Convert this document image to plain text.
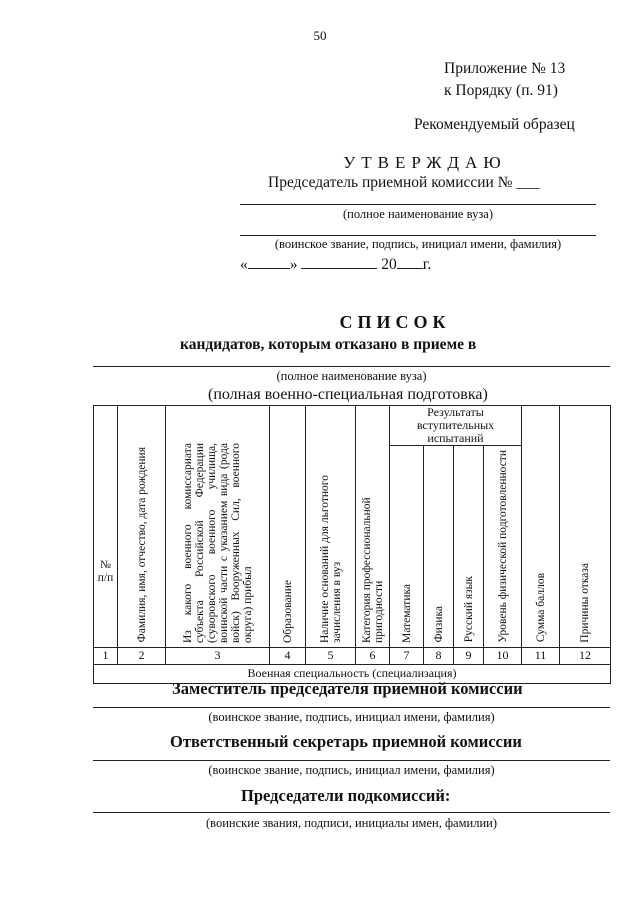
50
Приложение № 13
к Порядку (п. 91)
Рекомендуемый образец
УТВЕРЖДАЮ
Председатель приемной комиссии № ___
(полное наименование вуза)
(воинское звание, подпись, инициал имени, фамилия)
«	»	20 г.
СПИСОК
кандидатов, которым отказано в приеме в
(полное наименование вуза)
(полная военно-специальная подготовка)
№ п/п	Фамилия, имя, отчество, дата рождения	Из какого военного комиссариата субъекта Российской Федерации (суворовского военного училища, воинской части с указанием вида (рода войск) Вооруженных Сил, военного округа) прибыл	Образование	Наличие оснований для льготного зачисления в вуз	Категория профессиональной пригодности	Результаты вступительных испытаний				Сумма баллов	Причины отказа

						Математика	Физика	Русский язык	Уровень физической подготовленности		

1	2	3	4	5	6	7	8	9	10	11	12
Военная специальность (специализация)											
Заместитель председателя приемной комиссии
(воинское звание, подпись, инициал имени, фамилия)
Ответственный секретарь приемной комиссии
(воинское звание, подпись, инициал имени, фамилия)
Председатели подкомиссий:
(воинские звания, подписи, инициалы имен, фамилии)
